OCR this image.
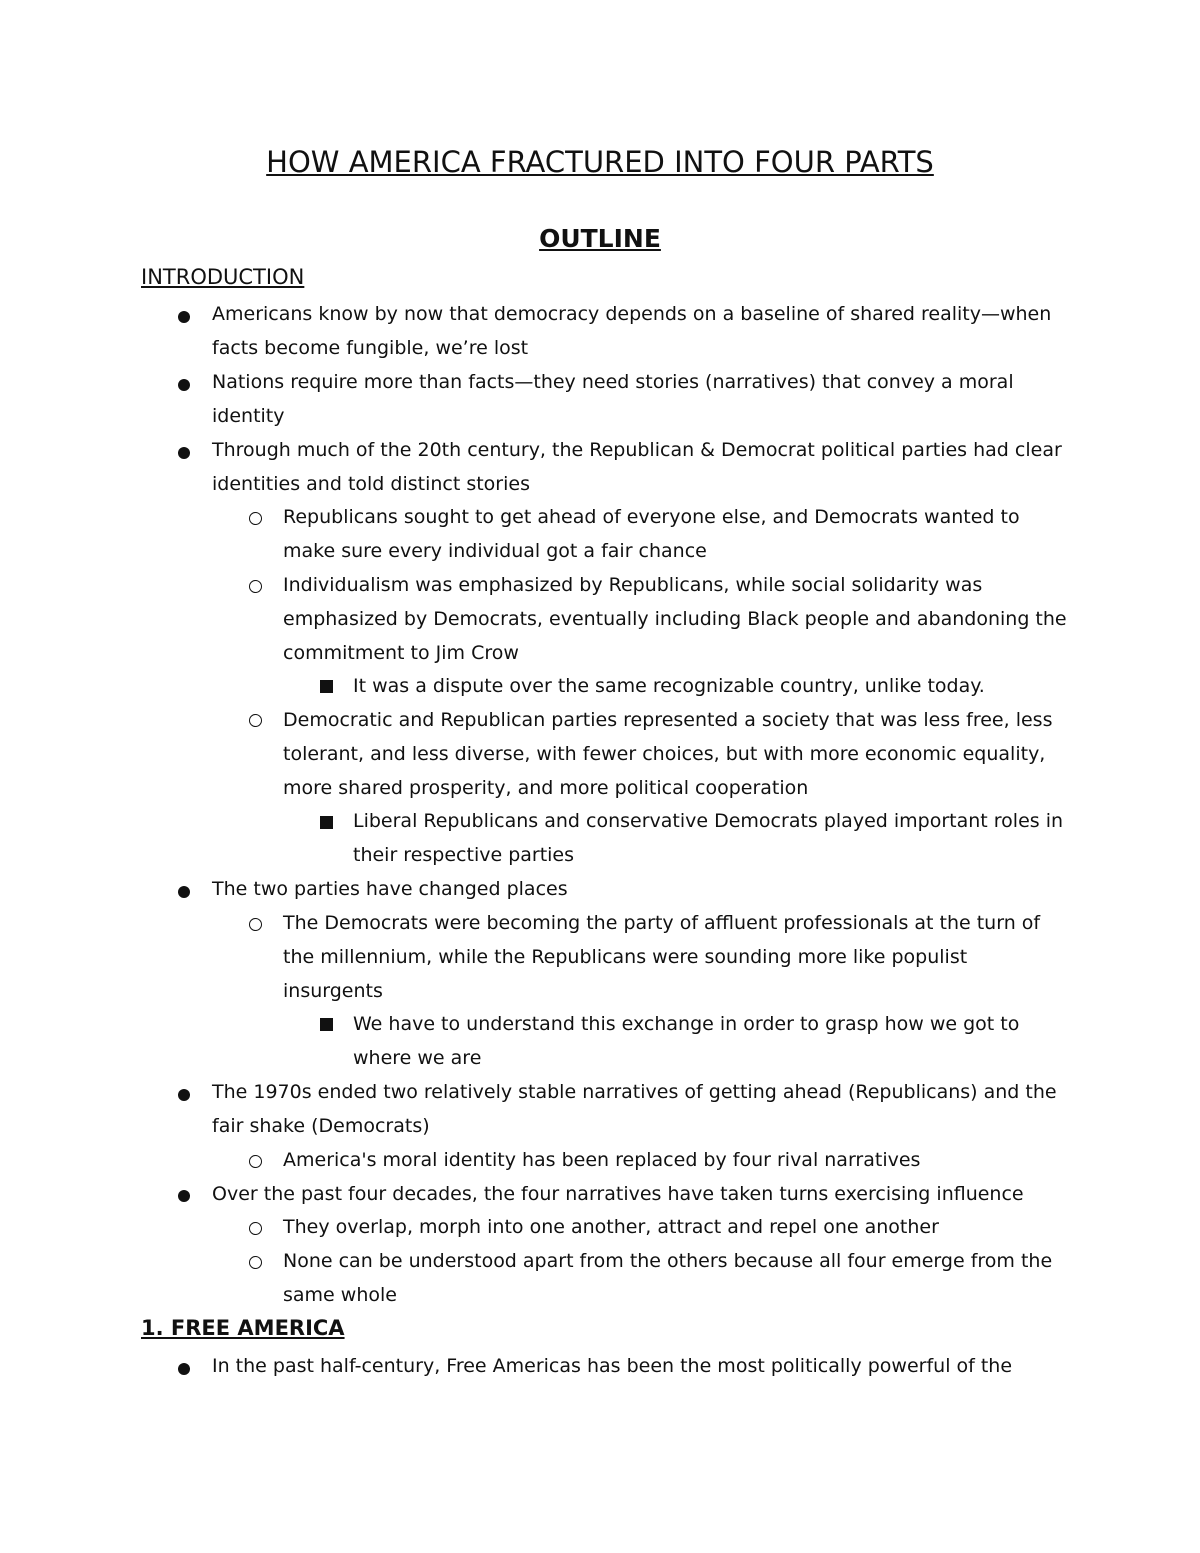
HOW AMERICA FRACTURED INTO FOUR PARTS
OUTLINE
INTRODUCTION

Americans know by now that democracy depends on a baseline of shared reality—when facts become fungible, we’re lost

Nations require more than facts—they need stories (narratives) that convey a moral identity

Through much of the 20th century, the Republican & Democrat political parties had clear identities and told distinct stories

Republicans sought to get ahead of everyone else, and Democrats wanted to make sure every individual got a fair chance

Individualism was emphasized by Republicans, while social solidarity was emphasized by Democrats, eventually including Black people and abandoning the commitment to Jim Crow

It was a dispute over the same recognizable country, unlike today.

Democratic and Republican parties represented a society that was less free, less tolerant, and less diverse, with fewer choices, but with more economic equality, more shared prosperity, and more political cooperation

Liberal Republicans and conservative Democrats played important roles in their respective parties

The two parties have changed places

The Democrats were becoming the party of affluent professionals at the turn of the millennium, while the Republicans were sounding more like populist insurgents

We have to understand this exchange in order to grasp how we got to where we are

The 1970s ended two relatively stable narratives of getting ahead (Republicans) and the fair shake (Democrats)

America's moral identity has been replaced by four rival narratives

Over the past four decades, the four narratives have taken turns exercising influence

They overlap, morph into one another, attract and repel one another

None can be understood apart from the others because all four emerge from the same whole

1. FREE AMERICA

In the past half-century, Free Americas has been the most politically powerful of the
